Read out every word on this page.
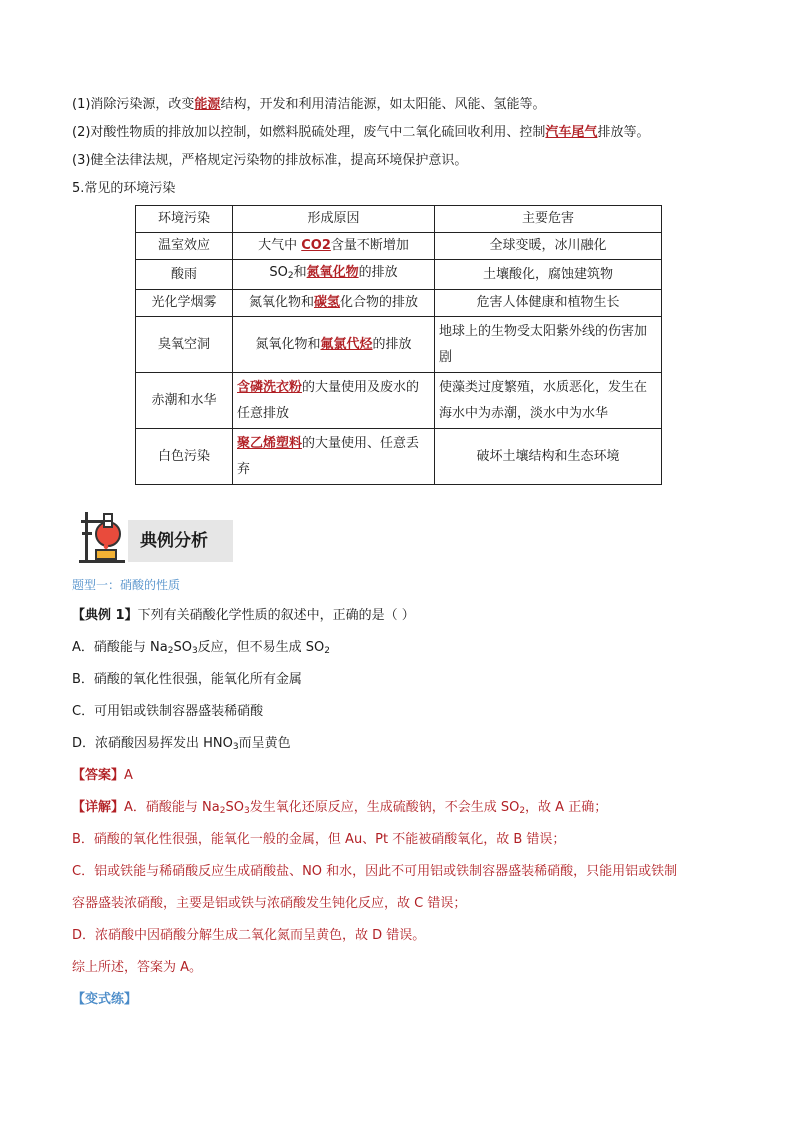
(1)消除污染源，改变能源结构，开发和利用清洁能源，如太阳能、风能、氢能等。
(2)对酸性物质的排放加以控制，如燃料脱硫处理，废气中二氧化硫回收利用、控制汽车尾气排放等。
(3)健全法律法规，严格规定污染物的排放标准，提高环境保护意识。
5.常见的环境污染
环境污染	形成原因	主要危害
温室效应	大气中 CO2含量不断增加	全球变暖，冰川融化
酸雨	$SO_2$和氮氧化物的排放	土壤酸化，腐蚀建筑物
光化学烟雾	氮氧化物和碳氢化合物的排放	危害人体健康和植物生长
臭氧空洞	氮氧化物和氟氯代烃的排放	地球上的生物受太阳紫外线的伤害加剧
赤潮和水华	含磷洗衣粉的大量使用及废水的任意排放	使藻类过度繁殖，水质恶化，发生在海水中为赤潮，淡水中为水华
白色污染	聚乙烯塑料的大量使用、任意丢弃	破坏土壤结构和生态环境
典例分析
题型一：硝酸的性质
【典例 1】下列有关硝酸化学性质的叙述中，正确的是（ ）
A．硝酸能与 $Na_2SO_3$反应，但不易生成 $SO_2$
B．硝酸的氧化性很强，能氧化所有金属
C．可用铝或铁制容器盛装稀硝酸
D．浓硝酸因易挥发出 $HNO_3$而呈黄色
【答案】A
【详解】A．硝酸能与 $Na_2SO_3$发生氧化还原反应，生成硫酸钠，不会生成 $SO_2$，故 A 正确；
B．硝酸的氧化性很强，能氧化一般的金属，但 Au、Pt 不能被硝酸氧化，故 B 错误；
C．铝或铁能与稀硝酸反应生成硝酸盐、NO 和水，因此不可用铝或铁制容器盛装稀硝酸，只能用铝或铁制
容器盛装浓硝酸，主要是铝或铁与浓硝酸发生钝化反应，故 C 错误；
D．浓硝酸中因硝酸分解生成二氧化氮而呈黄色，故 D 错误。
综上所述，答案为 A。
【变式练】
